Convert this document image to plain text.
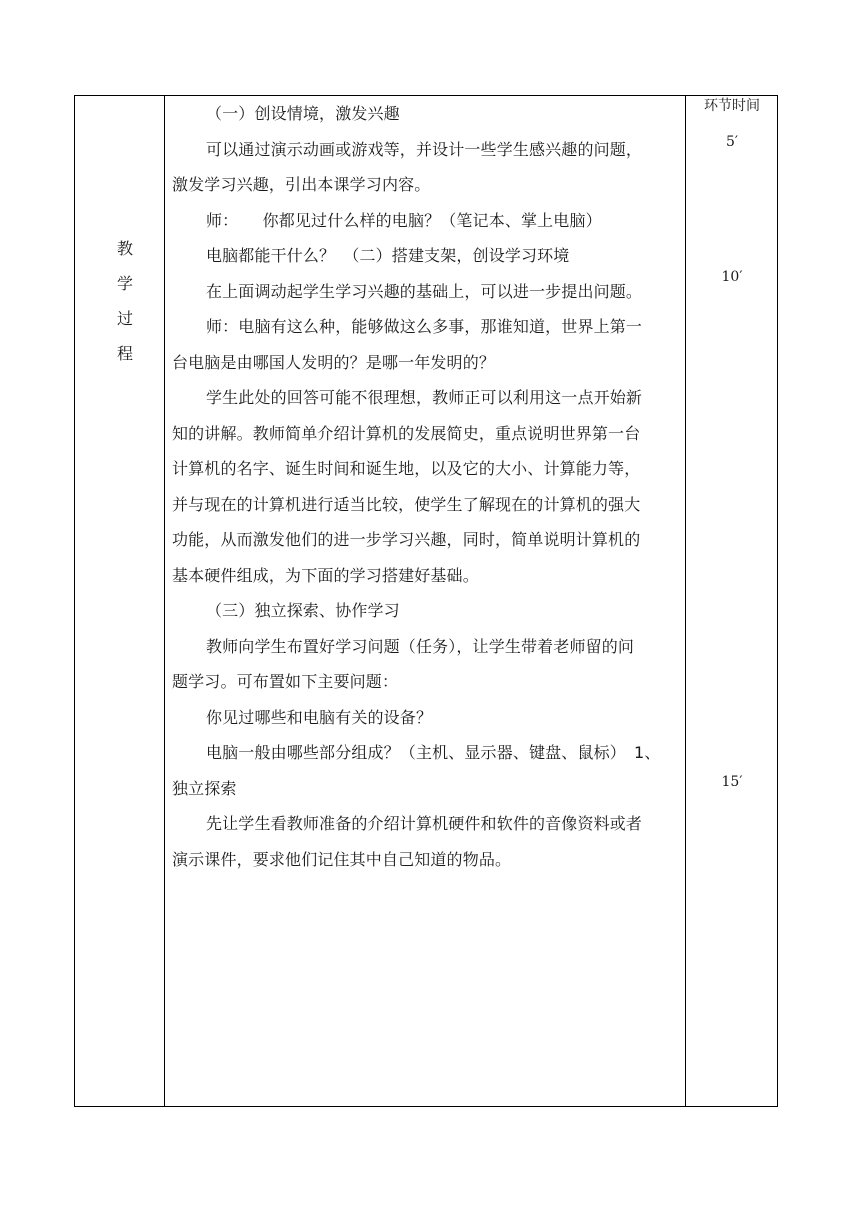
教
学
过
程

（一）创设情境，激发兴趣

可以通过演示动画或游戏等，并设计一些学生感兴趣的问题，

激发学习兴趣，引出本课学习内容。

师：　　你都见过什么样的电脑？（笔记本、掌上电脑）

电脑都能干什么？　（二）搭建支架，创设学习环境

在上面调动起学生学习兴趣的基础上，可以进一步提出问题。

师：电脑有这么种，能够做这么多事，那谁知道，世界上第一

台电脑是由哪国人发明的？是哪一年发明的？

学生此处的回答可能不很理想，教师正可以利用这一点开始新

知的讲解。教师简单介绍计算机的发展简史，重点说明世界第一台

计算机的名字、诞生时间和诞生地，以及它的大小、计算能力等，

并与现在的计算机进行适当比较，使学生了解现在的计算机的强大

功能，从而激发他们的进一步学习兴趣，同时，简单说明计算机的

基本硬件组成，为下面的学习搭建好基础。

（三）独立探索、协作学习

教师向学生布置好学习问题（任务），让学生带着老师留的问

题学习。可布置如下主要问题：

你见过哪些和电脑有关的设备？

电脑一般由哪些部分组成？（主机、显示器、键盘、鼠标）　1、

独立探索

先让学生看教师准备的介绍计算机硬件和软件的音像资料或者

演示课件，要求他们记住其中自己知道的物品。

环节时间
5′
10′
15′
